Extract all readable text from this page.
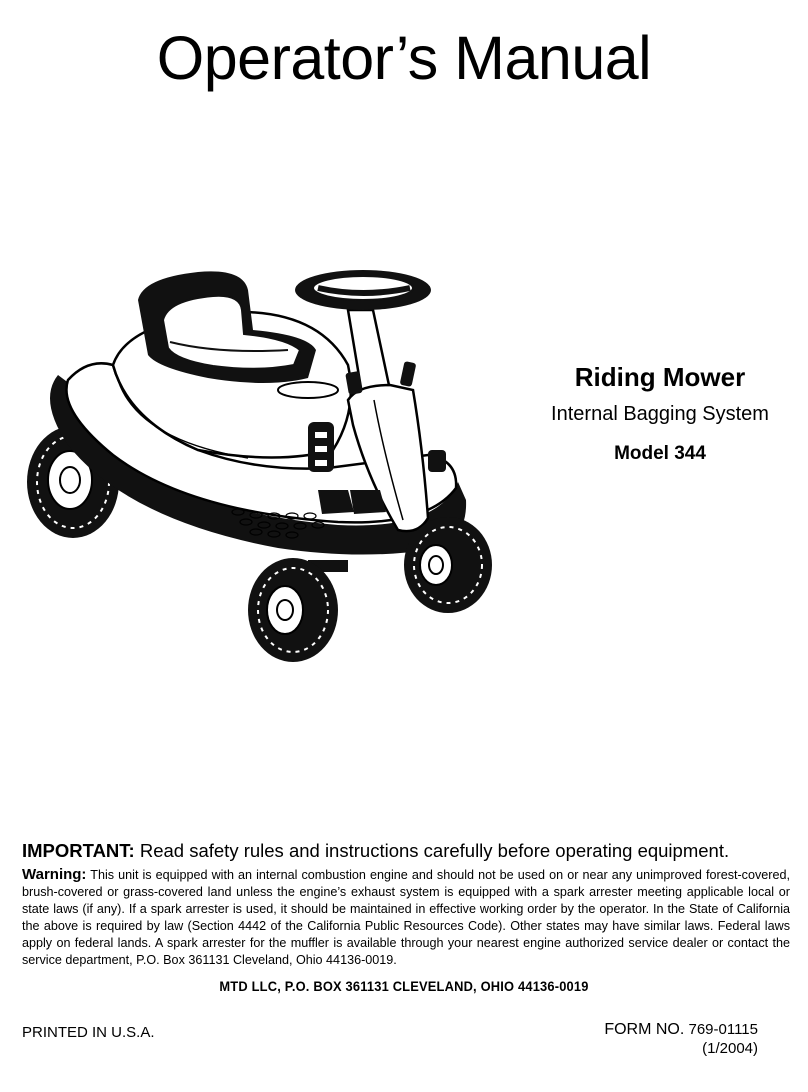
Operator’s Manual
Riding Mower
Internal Bagging System
Model 344
IMPORTANT: Read safety rules and instructions carefully before operating equipment.
Warning: This unit is equipped with an internal combustion engine and should not be used on or near any unimproved forest-covered, brush-covered or grass-covered land unless the engine’s exhaust system is equipped with a spark arrester meeting applicable local or state laws (if any). If a spark arrester is used, it should be maintained in effective working order by the operator. In the State of California the above is required by law (Section 4442 of the California Public Resources Code). Other states may have similar laws. Federal laws apply on federal lands. A spark arrester for the muffler is available through your nearest engine authorized service dealer or contact the service department, P.O. Box 361131 Cleveland, Ohio 44136-0019.
MTD LLC, P.O. BOX 361131 CLEVELAND, OHIO 44136-0019
PRINTED IN U.S.A.	FORM NO. 769-01115
(1/2004)
